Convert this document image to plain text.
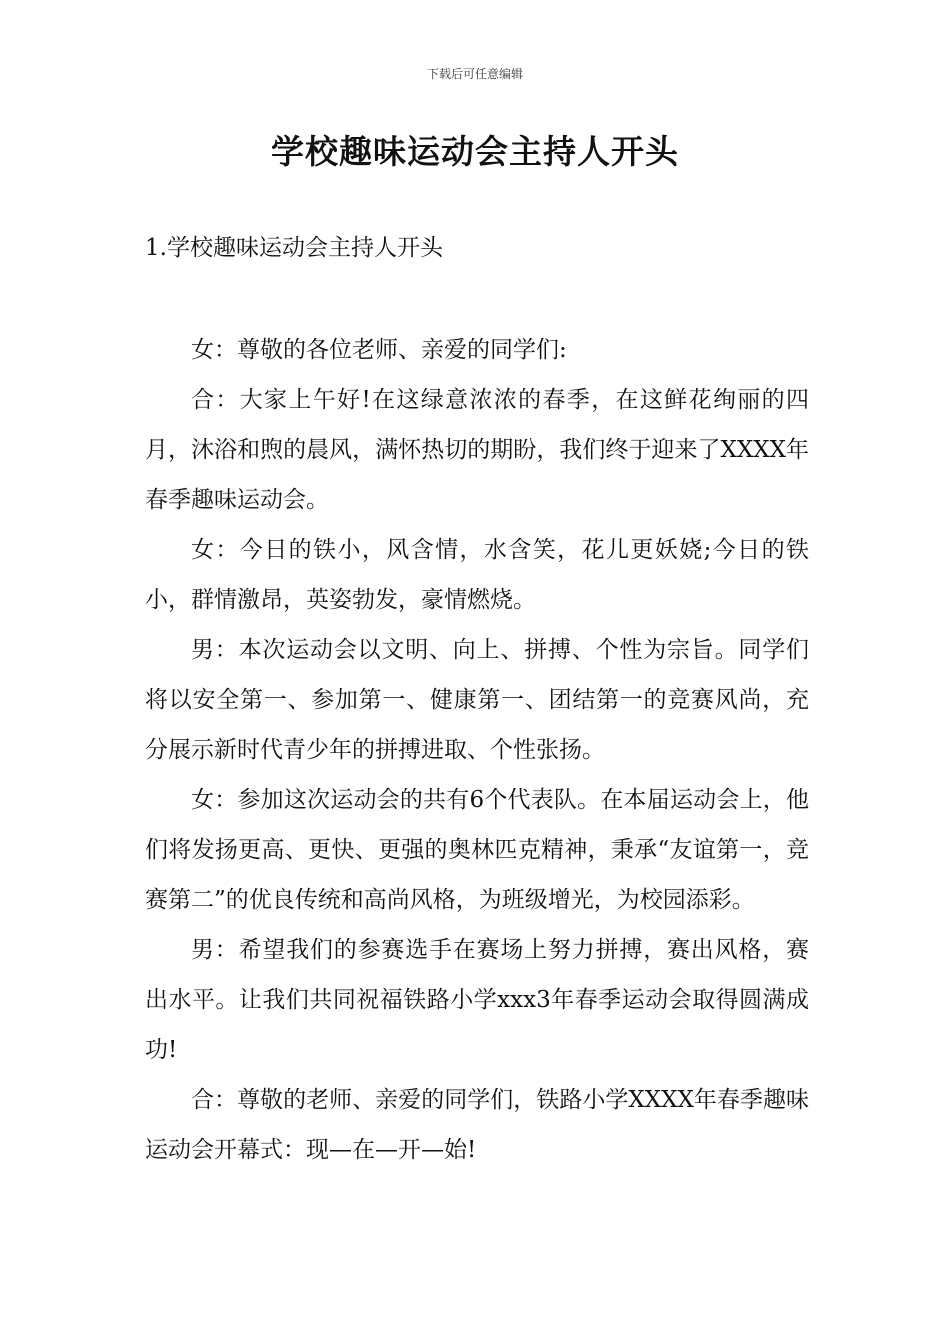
下载后可任意编辑
学校趣味运动会主持人开头
1.学校趣味运动会主持人开头

女：尊敬的各位老师、亲爱的同学们:

合：大家上午好!在这绿意浓浓的春季，在这鲜花绚丽的四月，沐浴和煦的晨风，满怀热切的期盼，我们终于迎来了XXXX年春季趣味运动会。

女：今日的铁小，风含情，水含笑，花儿更妖娆;今日的铁小，群情激昂，英姿勃发，豪情燃烧。

男：本次运动会以文明、向上、拼搏、个性为宗旨。同学们将以安全第一、参加第一、健康第一、团结第一的竞赛风尚，充分展示新时代青少年的拼搏进取、个性张扬。

女：参加这次运动会的共有6个代表队。在本届运动会上，他们将发扬更高、更快、更强的奥林匹克精神，秉承“友谊第一，竞赛第二”的优良传统和高尚风格，为班级增光，为校园添彩。

男：希望我们的参赛选手在赛场上努力拼搏，赛出风格，赛出水平。让我们共同祝福铁路小学xxx3年春季运动会取得圆满成功!

合：尊敬的老师、亲爱的同学们，铁路小学XXXX年春季趣味运动会开幕式：现—在—开—始!
